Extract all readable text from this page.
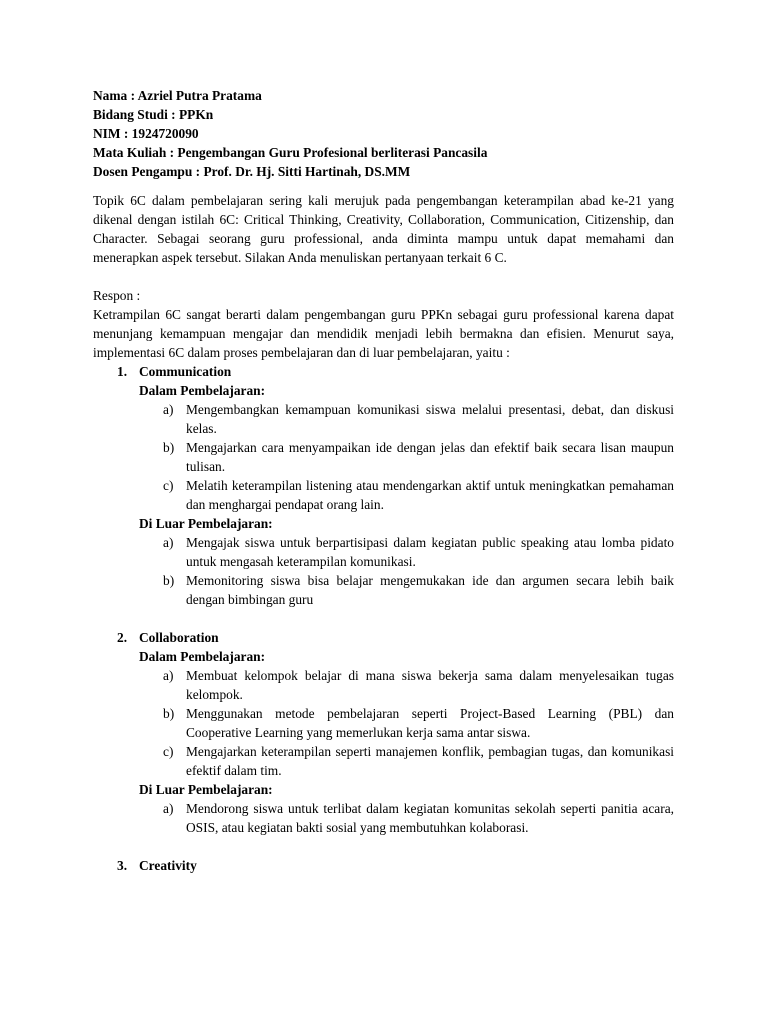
Nama : Azriel Putra Pratama
Bidang Studi : PPKn
NIM : 1924720090
Mata Kuliah : Pengembangan Guru Profesional berliterasi Pancasila
Dosen Pengampu : Prof. Dr. Hj. Sitti Hartinah, DS.MM
Topik 6C dalam pembelajaran sering kali merujuk pada pengembangan keterampilan abad ke-21 yang dikenal dengan istilah 6C: Critical Thinking, Creativity, Collaboration, Communication, Citizenship, dan Character. Sebagai seorang guru professional, anda diminta mampu untuk dapat memahami dan menerapkan aspek tersebut. Silakan Anda menuliskan pertanyaan terkait 6 C.
Respon :
Ketrampilan 6C sangat berarti dalam pengembangan guru PPKn sebagai guru professional karena dapat menunjang kemampuan mengajar dan mendidik menjadi lebih bermakna dan efisien. Menurut saya, implementasi 6C dalam proses pembelajaran dan di luar pembelajaran, yaitu :
1. Communication
Dalam Pembelajaran:
a) Mengembangkan kemampuan komunikasi siswa melalui presentasi, debat, dan diskusi kelas.
b) Mengajarkan cara menyampaikan ide dengan jelas dan efektif baik secara lisan maupun tulisan.
c) Melatih keterampilan listening atau mendengarkan aktif untuk meningkatkan pemahaman dan menghargai pendapat orang lain.
Di Luar Pembelajaran:
a) Mengajak siswa untuk berpartisipasi dalam kegiatan public speaking atau lomba pidato untuk mengasah keterampilan komunikasi.
b) Memonitoring siswa bisa belajar mengemukakan ide dan argumen secara lebih baik dengan bimbingan guru
2. Collaboration
Dalam Pembelajaran:
a) Membuat kelompok belajar di mana siswa bekerja sama dalam menyelesaikan tugas kelompok.
b) Menggunakan metode pembelajaran seperti Project-Based Learning (PBL) dan Cooperative Learning yang memerlukan kerja sama antar siswa.
c) Mengajarkan keterampilan seperti manajemen konflik, pembagian tugas, dan komunikasi efektif dalam tim.
Di Luar Pembelajaran:
a) Mendorong siswa untuk terlibat dalam kegiatan komunitas sekolah seperti panitia acara, OSIS, atau kegiatan bakti sosial yang membutuhkan kolaborasi.
3. Creativity
